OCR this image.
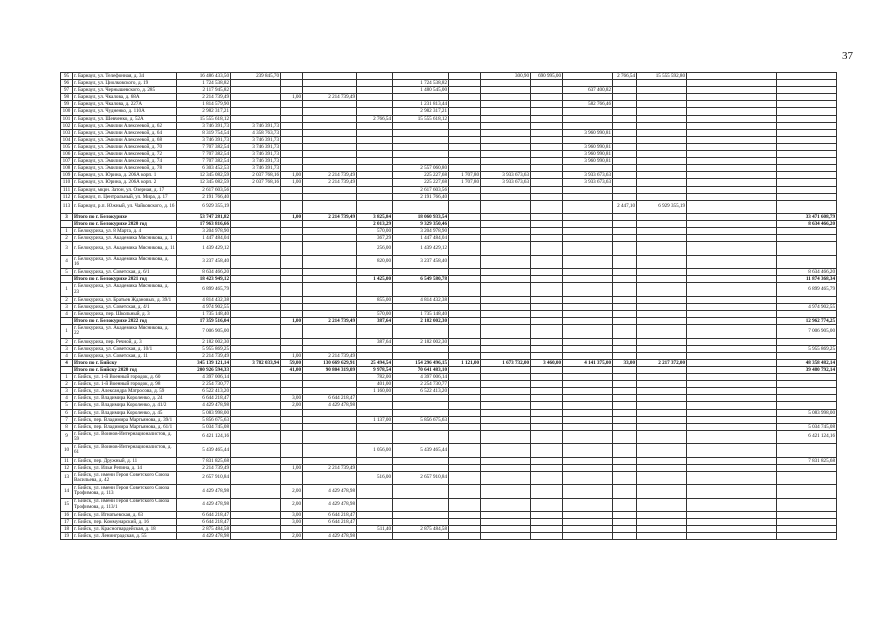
37
95	г. Барнаул, ул. Телефонная, д. 34	16 486 433,50	239 845,70						300,90	690 995,00		2 766,54	15 555 592,80		
96	г. Барнаул, ул. Циолковского, д. 19	1 724 538,82					1 724 538,82								
97	г. Барнаул, ул. Чернышевского, д. 285	2 117 945,82					1 480 545,00				637 400,82				
98	г. Барнаул, ул. Чкалова, д. 68А	2 214 739,49		1,00	2 214 739,49										
99	г. Барнаул, ул. Чкалова, д. 227А	1 814 579,90					1 231 813,44				582 766,46				
100	г. Барнаул, ул. Чудненко, д. 110А	2 982 317,21					2 982 317,21								
101	г. Барнаул, ул. Шевченко, д. 52А	15 555 618,12				2 766,54	15 555 618,12								
102	г. Барнаул, ул. Эмилии Алексеевой, д. 62	3 746 391,73	3 746 391,73												
103	г. Барнаул, ул. Эмилии Алексеевой, д. 64	8 319 754,54	4 358 763,73								3 960 990,81				
104	г. Барнаул, ул. Эмилии Алексеевой, д. 68	3 746 391,73	3 746 391,73												
105	г. Барнаул, ул. Эмилии Алексеевой, д. 70	7 707 382,54	3 746 391,73								3 960 990,81				
106	г. Барнаул, ул. Эмилии Алексеевой, д. 72	7 707 382,54	3 746 391,73								3 960 990,81				
107	г. Барнаул, ул. Эмилии Алексеевой, д. 74	7 707 382,54	3 746 391,73								3 960 990,81				
108	г. Барнаул, ул. Эмилии Алексеевой, д. 78	6 303 452,53	3 746 391,73				2 557 060,80								
109	г. Барнаул, ул. Юрина, д. 206А корп. 1	12 345 082,59	2 037 768,16	1,00	2 214 739,49		225 227,68	1 707,80	3 933 673,63		3 933 673,63				
110	г. Барнаул, ул. Юрина, д. 206А корп. 2	12 345 082,59	2 037 768,16	1,00	2 214 739,49		225 227,68	1 707,80	3 933 673,63		3 933 673,63				
111	г. Барнаул, мкрн. Затон, ул. Озерная, д. 17	2 617 603,56					2 617 603,56								
112	г. Барнаул, п. Центральный, ул. Мира, д. 17	2 191 766,40					2 191 766,40								
113	г. Барнаул, р.п. Южный, ул. Чайковского, д. 16	6 929 355,19										2 447,10	6 929 355,19		
3	Итого по г. Белокурихе	53 747 281,82		1,00	2 214 739,49	3 825,84	18 060 933,54								33 471 608,79
	Итого по г. Белокурихе 2020 год	17 963 816,66				2 013,29	9 329 350,46								8 634 466,20
1	г. Белокуриха, ул. 8 Марта, д. 4	3 204 978,90				570,00	3 204 978,90								
2	г. Белокуриха, ул. Академика Мясникова, д. 1	1 447 484,04				367,29	1 447 484,04								
3	г. Белокуриха, ул. Академика Мясникова, д. 11	1 439 429,12				256,00	1 439 429,12								
4	г. Белокуриха, ул. Академика Мясникова, д. 16	3 237 458,40				820,00	3 237 458,40								
5	г. Белокуриха, ул. Советская, д. 6/1	8 634 466,20													8 634 466,20
	Итого по г. Белокурихе 2021 год	18 423 949,12				1 425,00	6 549 580,78								11 874 368,34
1	г. Белокуриха, ул. Академика Мясникова, д. 23	6 899 465,79													6 899 465,79
2	г. Белокуриха, ул. Братьев Ждановых, д. 39/1	4 814 432,38				855,00	4 814 432,38								
3	г. Белокуриха, ул. Советская, д. 4/1	4 974 902,55													4 974 902,55
4	г. Белокуриха, пер. Школьный, д. 3	1 735 148,40				570,00	1 735 148,40								
	Итого по г. Белокурихе 2022 год	17 359 516,04		1,00	2 214 739,49	387,64	2 182 002,30								12 962 774,25
1	г. Белокуриха, ул. Академика Мясникова, д. 22	7 006 905,00													7 006 905,00
2	г. Белокуриха, пер. Речной, д. 3	2 182 002,30				387,64	2 182 002,30								
3	г. Белокуриха, ул. Советская, д. 10/1	5 955 869,25													5 955 869,25
4	г. Белокуриха, ул. Советская, д. 11	2 214 739,49		1,00	2 214 739,49										
4	Итого по г. Бийску	345 139 121,14	3 782 033,94	59,00	130 669 629,91	25 494,54	154 296 496,15	1 121,00	1 673 732,00	3 460,00	4 141 375,00	33,00	2 217 372,00		48 358 482,14
	Итого по г. Бийску 2020 год	200 926 594,33		41,00	90 804 319,09	9 978,54	70 641 483,10								39 480 792,14
1	г. Бийск, ул. 1-й Военный городок, д. 60	4 397 006,14				782,00	4 397 006,14								
2	г. Бийск, ул. 1-й Военный городок, д. 98	2 254 730,77				401,00	2 254 730,77								
3	г. Бийск, ул. Александра Матросова, д. 59	6 522 413,20				1 160,00	6 522 413,20								
4	г. Бийск, ул. Владимира Короленко, д. 24	6 644 218,47		3,00	6 644 218,47										
5	г. Бийск, ул. Владимира Короленко, д. 41/2	4 429 478,98		2,00	4 429 478,98										
6	г. Бийск, ул. Владимира Короленко, д. 45	5 083 998,00													5 083 998,00
7	г. Бийск, пер. Владимира Мартьянова, д. 39/1	5 856 675,63				1 137,00	5 856 675,63								
8	г. Бийск, пер. Владимира Мартьянова, д. 61/1	5 034 745,08													5 034 745,08
9	г. Бийск, ул. Воинов-Интернационалистов, д. 59	6 421 124,16													6 421 124,16
10	г. Бийск, ул. Воинов-Интернационалистов, д. 61	5 439 465,44				1 056,00	5 439 465,44								
11	г. Бийск, пер. Дружный, д. 11	7 831 825,68													7 831 825,68
12	г. Бийск, ул. Ильи Репина, д. 14	2 214 739,49		1,00	2 214 739,49										
13	г. Бийск, ул. имени Героя Советского Союза Васильева, д. 42	2 657 910,84				516,00	2 657 910,84								
14	г. Бийск, ул. имени Героя Советского Союза Трофимова, д. 113	4 429 478,98		2,00	4 429 478,98										
15	г. Бийск, ул. имени Героя Советского Союза Трофимова, д. 113/1	4 429 478,98		2,00	4 429 478,98										
16	г. Бийск, ул. Игнатьевская, д. 63	6 644 218,47		3,00	6 644 218,47										
17	г. Бийск, пер. Коммунарский, д. 16	6 644 218,47		3,00	6 644 218,47										
18	г. Бийск, ул. Красногвардейская, д. 18	2 875 484,58				511,40	2 875 484,58								
19	г. Бийск, ул. Ленинградская, д. 55	4 429 478,98		2,00	4 429 478,98										
